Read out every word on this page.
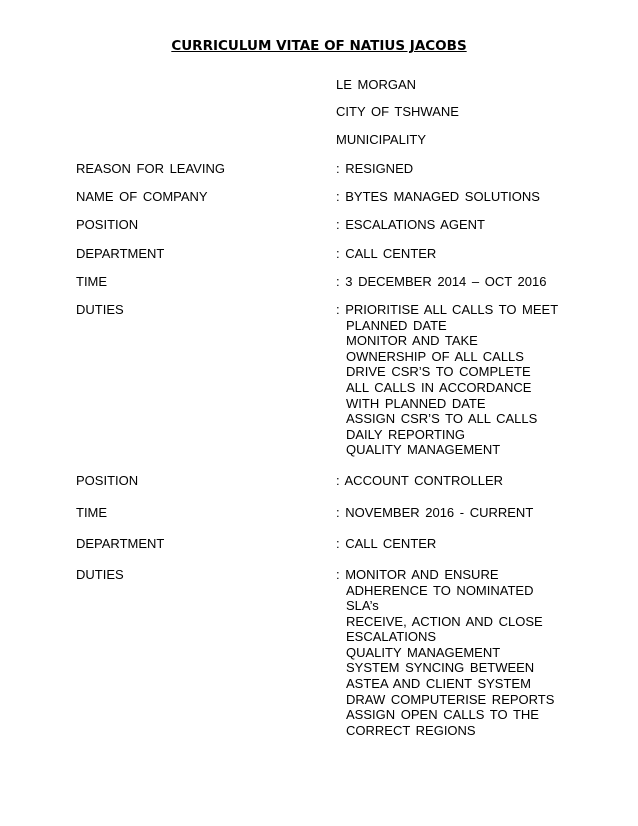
CURRICULUM VITAE OF NATIUS JACOBS
LE MORGAN
CITY OF TSHWANE
MUNICIPALITY
REASON FOR LEAVING	: RESIGNED
NAME OF COMPANY	: BYTES MANAGED SOLUTIONS
POSITION	: ESCALATIONS AGENT
DEPARTMENT	: CALL CENTER
TIME	: 3 DECEMBER 2014 – OCT 2016
DUTIES	: PRIORITISE ALL CALLS TO MEET
PLANNED DATE
MONITOR AND TAKE
OWNERSHIP OF ALL CALLS
DRIVE CSR’S TO COMPLETE
ALL CALLS IN ACCORDANCE
WITH PLANNED DATE
ASSIGN CSR’S TO ALL CALLS
DAILY REPORTING
QUALITY MANAGEMENT
POSITION	: ACCOUNT CONTROLLER
TIME	: NOVEMBER 2016 - CURRENT
DEPARTMENT	: CALL CENTER
DUTIES	: MONITOR AND ENSURE
ADHERENCE TO NOMINATED
SLA’s
RECEIVE, ACTION AND CLOSE
ESCALATIONS
QUALITY MANAGEMENT
SYSTEM SYNCING BETWEEN
ASTEA AND CLIENT SYSTEM
DRAW COMPUTERISE REPORTS
ASSIGN OPEN CALLS TO THE
CORRECT REGIONS
